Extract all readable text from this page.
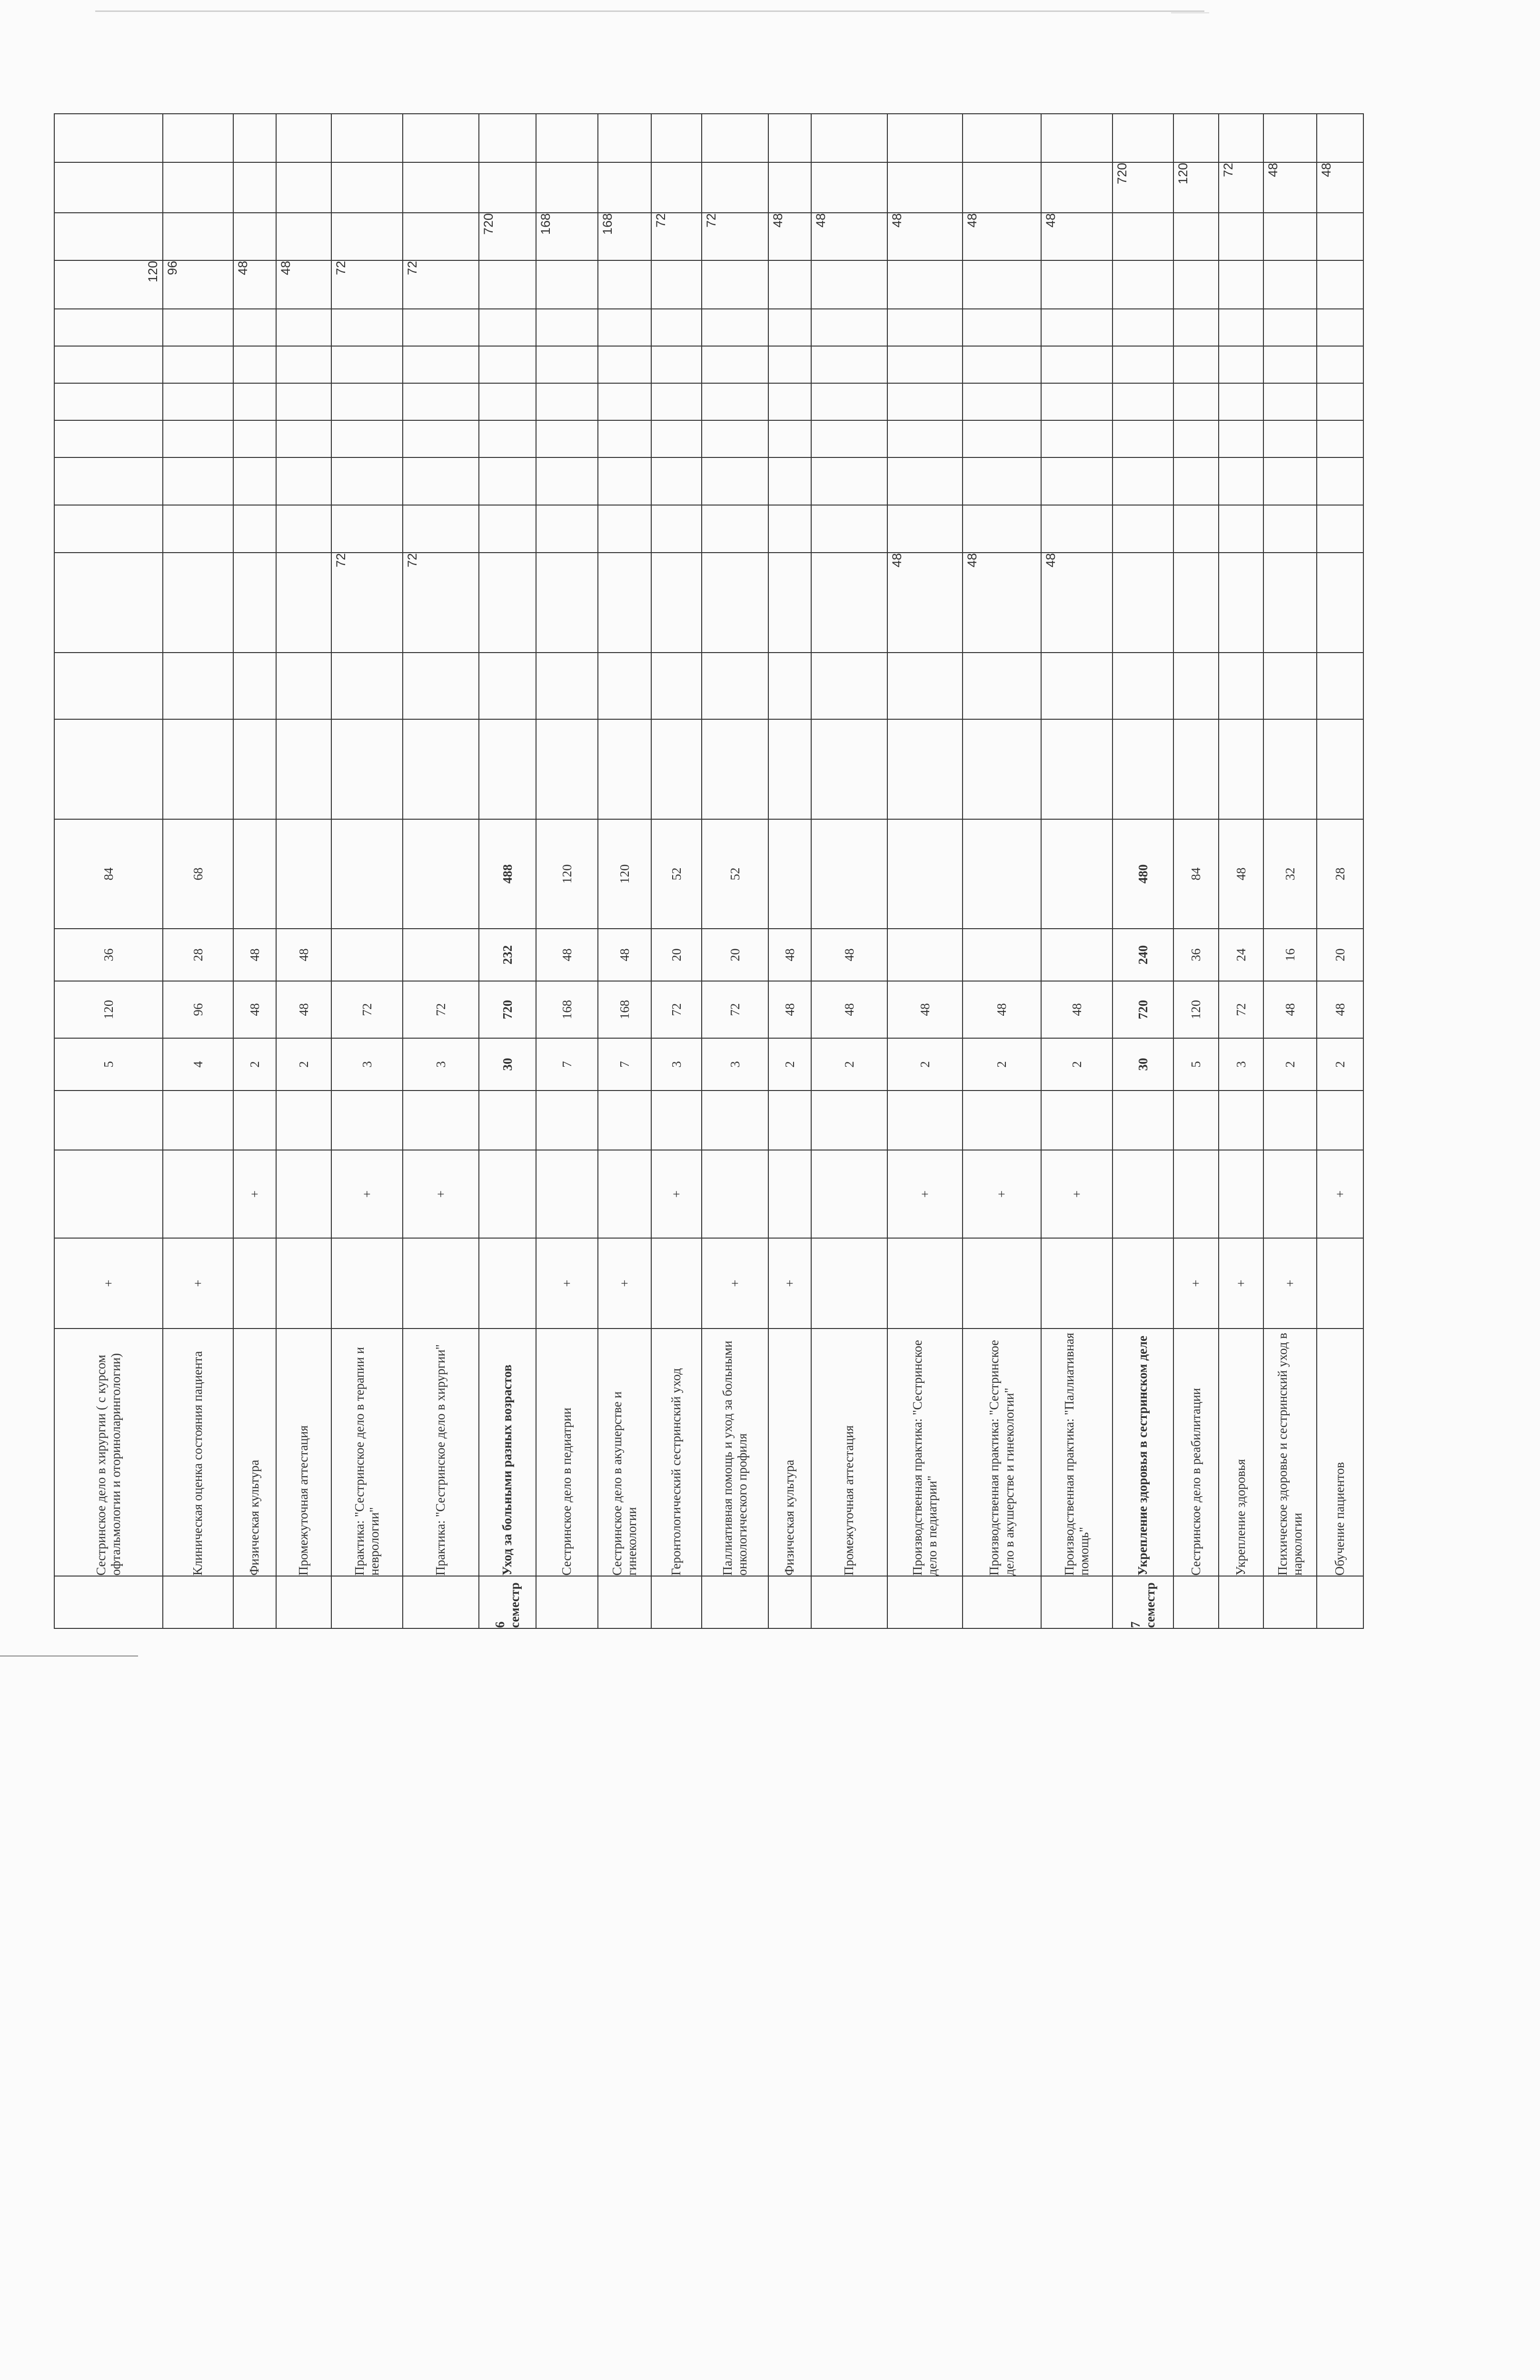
	Сестринское дело в хирургии ( с курсом офтальмологии и оториноларингологии)	+			5	120	36	84										120			
	Клиническая оценка состояния пациента	+			4	96	28	68										96			
	Физическая культура		+		2	48	48											48			
	Промежуточная аттестация				2	48	48											48			
	Практика: "Сестринское дело в терапии и неврологии"		+		3	72					72							72			
	Практика: "Сестринское дело в хирургии"		+		3	72					72							72			
6 семестр	Уход за больными разных возрастов				30	720	232	488											720		
	Сестринское дело в педиатрии	+			7	168	48	120											168		
	Сестринское дело в акушерстве и гинекологии	+			7	168	48	120											168		
	Геронтологический сестринский уход		+		3	72	20	52											72		
	Паллиативная помощь и уход за больными онкологического профиля	+			3	72	20	52											72		
	Физическая культура	+			2	48	48												48		
	Промежуточная аттестация				2	48	48												48		
	Производственная практика: "Сестринское дело в педиатрии"		+		2	48					48								48		
	Производственная практика: "Сестринское дело в акушерстве и гинекологии"		+		2	48					48								48		
	Производственная практика: "Паллиативная помощь"		+		2	48					48								48		
7 семестр	Укрепление здоровья в сестринском деле				30	720	240	480												720	
	Сестринское дело в реабилитации	+			5	120	36	84												120	
	Укрепление здоровья	+			3	72	24	48												72	
	Психическое здоровье и сестринский уход в наркологии	+			2	48	16	32												48	
	Обучение пациентов		+		2	48	20	28												48	
